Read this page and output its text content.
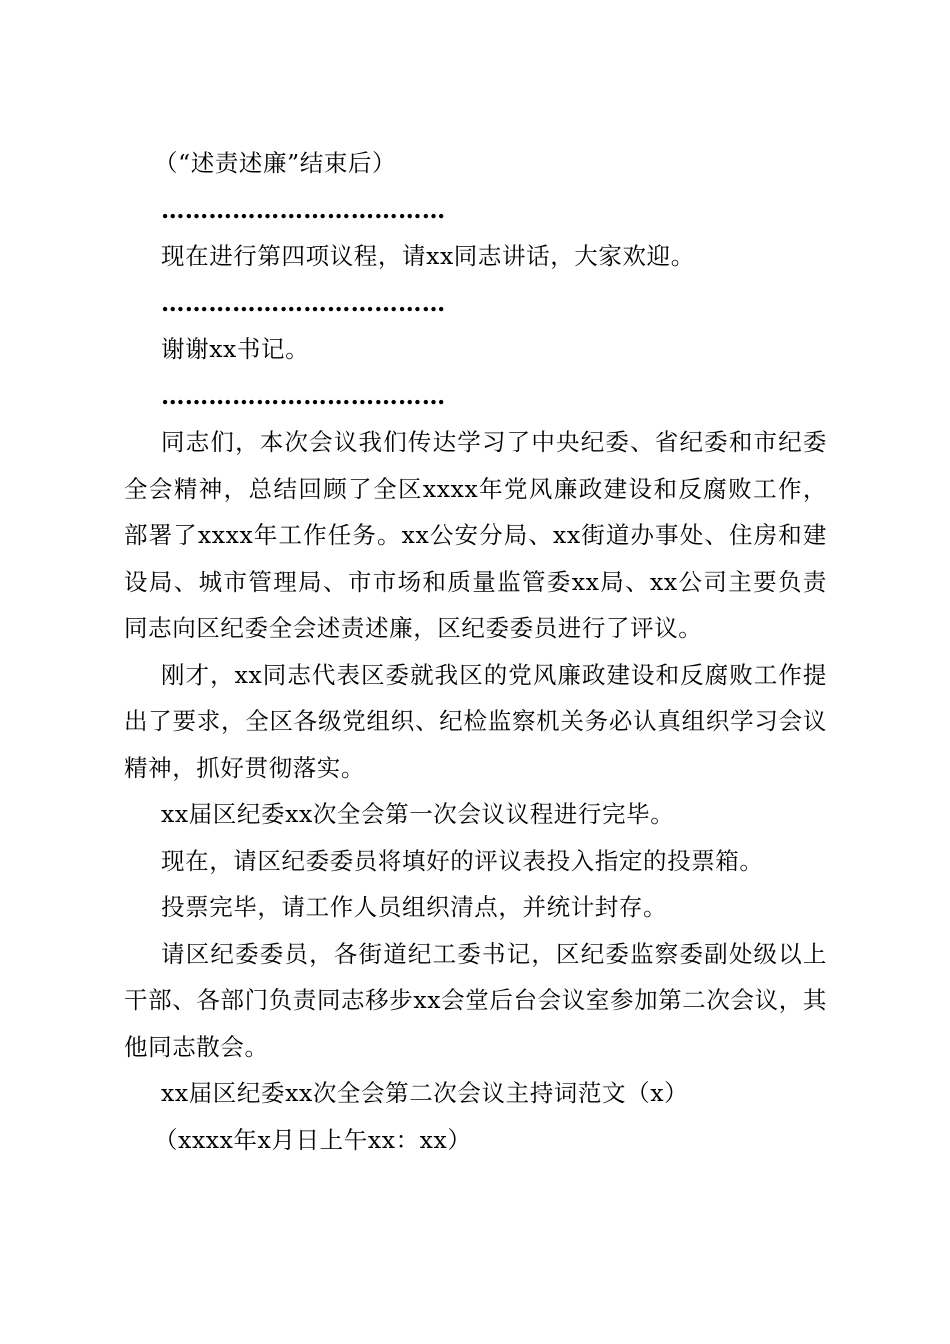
（“述责述廉”结束后）
………………………………
现在进行第四项议程，请xx同志讲话，大家欢迎。
………………………………
谢谢xx书记。
………………………………

同志们，本次会议我们传达学习了中央纪委、省纪委和市纪委全会精神，总结回顾了全区xxxx年党风廉政建设和反腐败工作，部署了xxxx年工作任务。xx公安分局、xx街道办事处、住房和建设局、城市管理局、市市场和质量监管委xx局、xx公司主要负责同志向区纪委全会述责述廉，区纪委委员进行了评议。

刚才，xx同志代表区委就我区的党风廉政建设和反腐败工作提出了要求，全区各级党组织、纪检监察机关务必认真组织学习会议精神，抓好贯彻落实。

xx届区纪委xx次全会第一次会议议程进行完毕。

现在，请区纪委委员将填好的评议表投入指定的投票箱。

投票完毕，请工作人员组织清点，并统计封存。

请区纪委委员，各街道纪工委书记，区纪委监察委副处级以上干部、各部门负责同志移步xx会堂后台会议室参加第二次会议，其他同志散会。

xx届区纪委xx次全会第二次会议主持词范文（x）

（xxxx年x月日上午xx：xx）
